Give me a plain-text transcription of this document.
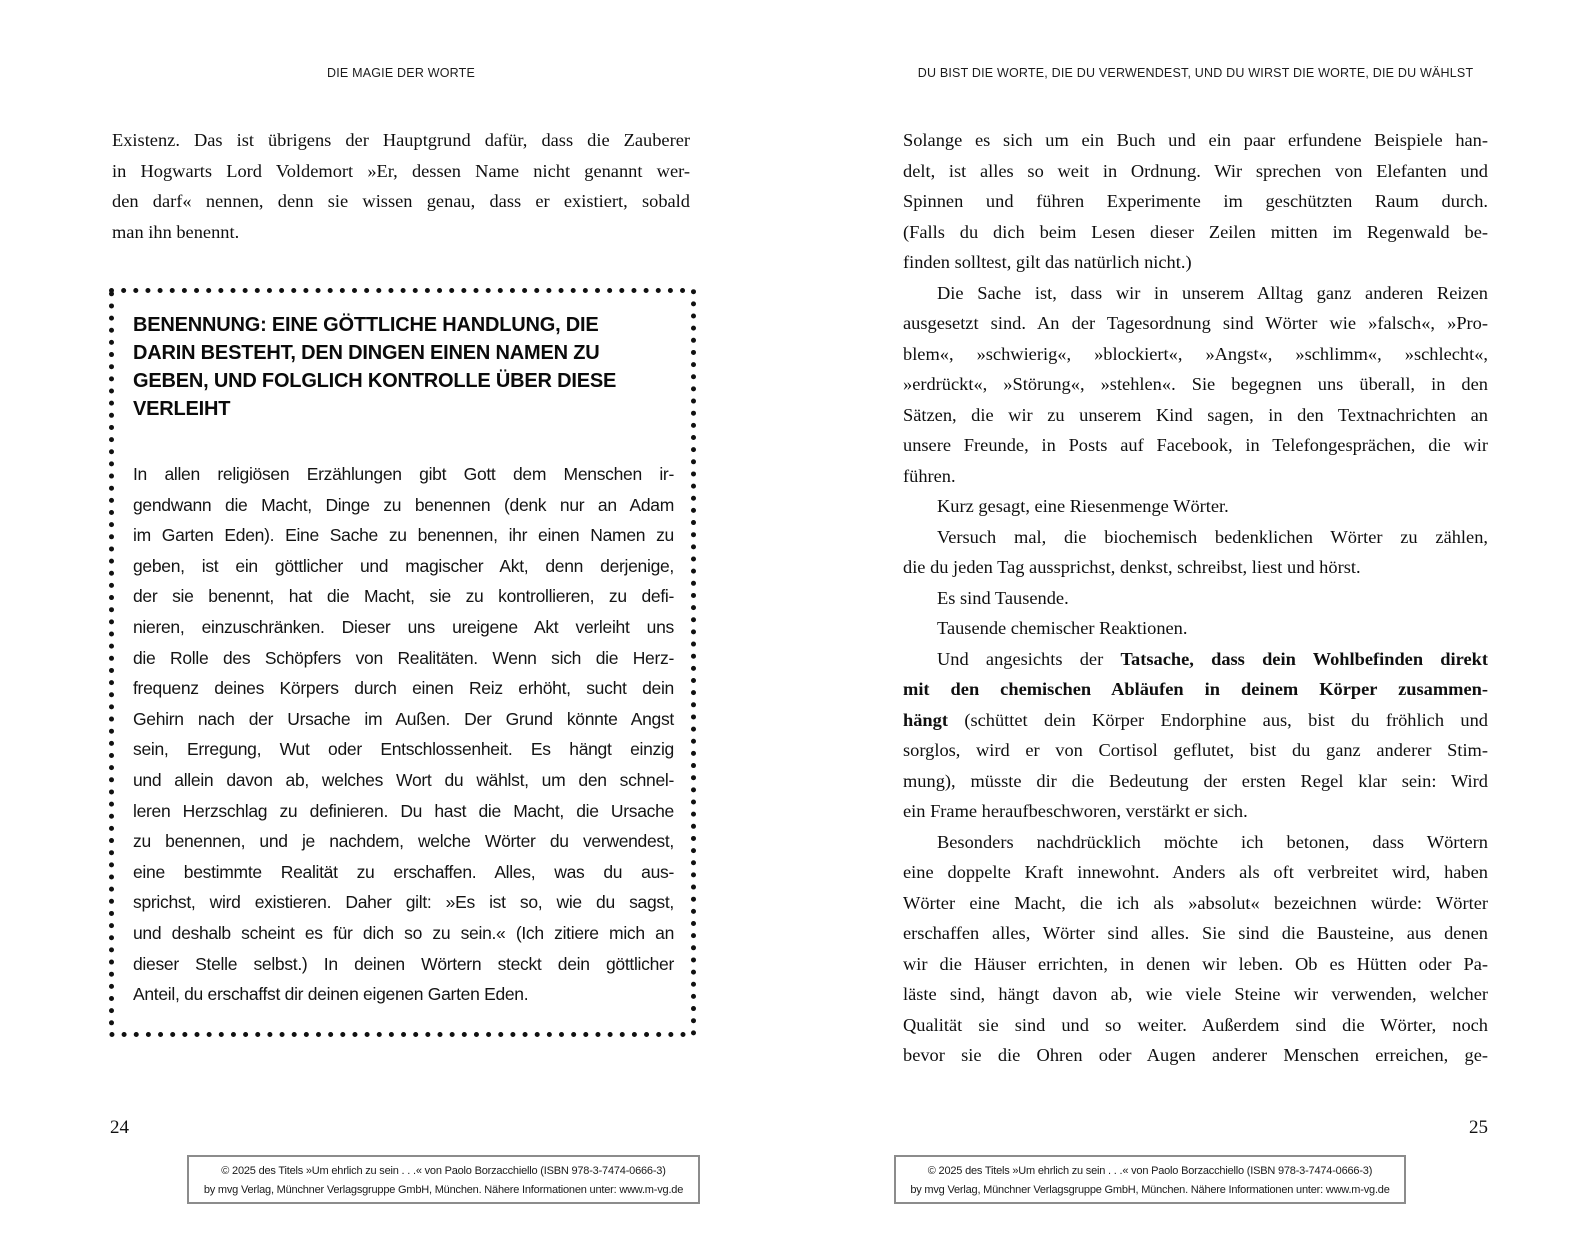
DIE MAGIE DER WORTE
Existenz. Das ist übrigens der Hauptgrund dafür, dass die Zauberer
in Hogwarts Lord Voldemort »Er, dessen Name nicht genannt wer-
den darf« nennen, denn sie wissen genau, dass er existiert, sobald
man ihn benennt.
BENENNUNG: EINE GÖTTLICHE HANDLUNG, DIE
DARIN BESTEHT, DEN DINGEN EINEN NAMEN ZU
GEBEN, UND FOLGLICH KONTROLLE ÜBER DIESE
VERLEIHT
In allen religiösen Erzählungen gibt Gott dem Menschen ir-
gendwann die Macht, Dinge zu benennen (denk nur an Adam
im Garten Eden). Eine Sache zu benennen, ihr einen Namen zu
geben, ist ein göttlicher und magischer Akt, denn derjenige,
der sie benennt, hat die Macht, sie zu kontrollieren, zu defi-
nieren, einzuschränken. Dieser uns ureigene Akt verleiht uns
die Rolle des Schöpfers von Realitäten. Wenn sich die Herz-
frequenz deines Körpers durch einen Reiz erhöht, sucht dein
Gehirn nach der Ursache im Außen. Der Grund könnte Angst
sein, Erregung, Wut oder Entschlossenheit. Es hängt einzig
und allein davon ab, welches Wort du wählst, um den schnel-
leren Herzschlag zu definieren. Du hast die Macht, die Ursache
zu benennen, und je nachdem, welche Wörter du verwendest,
eine bestimmte Realität zu erschaffen. Alles, was du aus-
sprichst, wird existieren. Daher gilt: »Es ist so, wie du sagst,
und deshalb scheint es für dich so zu sein.« (Ich zitiere mich an
dieser Stelle selbst.) In deinen Wörtern steckt dein göttlicher
Anteil, du erschaffst dir deinen eigenen Garten Eden.
24
© 2025 des Titels »Um ehrlich zu sein . . .« von Paolo Borzacchiello (ISBN 978-3-7474-0666-3)
by mvg Verlag, Münchner Verlagsgruppe GmbH, München. Nähere Informationen unter: www.m-vg.de
DU BIST DIE WORTE, DIE DU VERWENDEST, UND DU WIRST DIE WORTE, DIE DU WÄHLST
Solange es sich um ein Buch und ein paar erfundene Beispiele han-
delt, ist alles so weit in Ordnung. Wir sprechen von Elefanten und
Spinnen und führen Experimente im geschützten Raum durch.
(Falls du dich beim Lesen dieser Zeilen mitten im Regenwald be-
finden solltest, gilt das natürlich nicht.)
Die Sache ist, dass wir in unserem Alltag ganz anderen Reizen
ausgesetzt sind. An der Tagesordnung sind Wörter wie »falsch«, »Pro-
blem«, »schwierig«, »blockiert«, »Angst«, »schlimm«, »schlecht«,
»erdrückt«, »Störung«, »stehlen«. Sie begegnen uns überall, in den
Sätzen, die wir zu unserem Kind sagen, in den Textnachrichten an
unsere Freunde, in Posts auf Facebook, in Telefongesprächen, die wir
führen.
Kurz gesagt, eine Riesenmenge Wörter.
Versuch mal, die biochemisch bedenklichen Wörter zu zählen,
die du jeden Tag aussprichst, denkst, schreibst, liest und hörst.
Es sind Tausende.
Tausende chemischer Reaktionen.
Und angesichts der Tatsache, dass dein Wohlbefinden direkt
mit den chemischen Abläufen in deinem Körper zusammen-
hängt (schüttet dein Körper Endorphine aus, bist du fröhlich und
sorglos, wird er von Cortisol geflutet, bist du ganz anderer Stim-
mung), müsste dir die Bedeutung der ersten Regel klar sein: Wird
ein Frame heraufbeschworen, verstärkt er sich.
Besonders nachdrücklich möchte ich betonen, dass Wörtern
eine doppelte Kraft innewohnt. Anders als oft verbreitet wird, haben
Wörter eine Macht, die ich als »absolut« bezeichnen würde: Wörter
erschaffen alles, Wörter sind alles. Sie sind die Bausteine, aus denen
wir die Häuser errichten, in denen wir leben. Ob es Hütten oder Pa-
läste sind, hängt davon ab, wie viele Steine wir verwenden, welcher
Qualität sie sind und so weiter. Außerdem sind die Wörter, noch
bevor sie die Ohren oder Augen anderer Menschen erreichen, ge-
25
© 2025 des Titels »Um ehrlich zu sein . . .« von Paolo Borzacchiello (ISBN 978-3-7474-0666-3)
by mvg Verlag, Münchner Verlagsgruppe GmbH, München. Nähere Informationen unter: www.m-vg.de
